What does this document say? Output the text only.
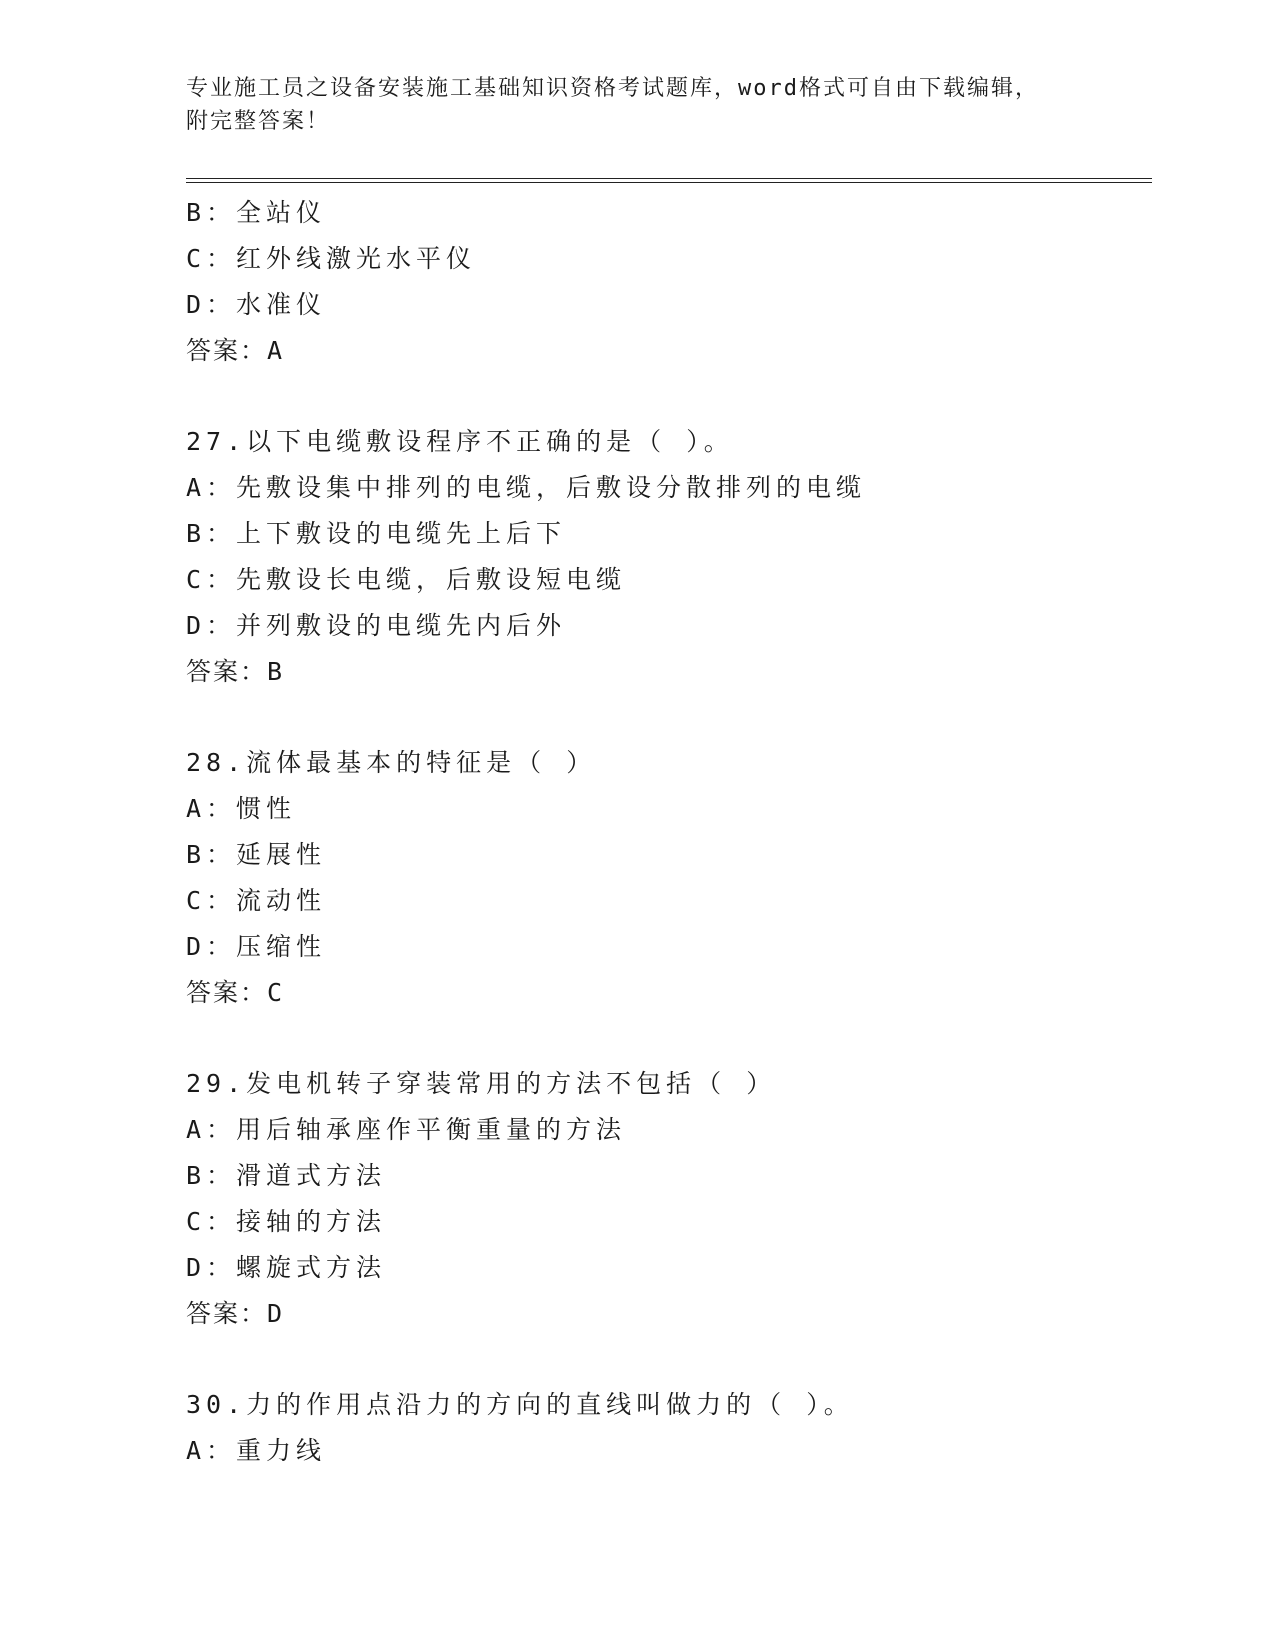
专业施工员之设备安装施工基础知识资格考试题库，word格式可自由下载编辑，
附完整答案！
B：全站仪
C：红外线激光水平仪
D：水准仪
答案：A
27.以下电缆敷设程序不正确的是（ ）。
A：先敷设集中排列的电缆，后敷设分散排列的电缆
B：上下敷设的电缆先上后下
C：先敷设长电缆，后敷设短电缆
D：并列敷设的电缆先内后外
答案：B
28.流体最基本的特征是（ ）
A：惯性
B：延展性
C：流动性
D：压缩性
答案：C
29.发电机转子穿装常用的方法不包括（ ）
A：用后轴承座作平衡重量的方法
B：滑道式方法
C：接轴的方法
D：螺旋式方法
答案：D
30.力的作用点沿力的方向的直线叫做力的（ ）。
A：重力线
